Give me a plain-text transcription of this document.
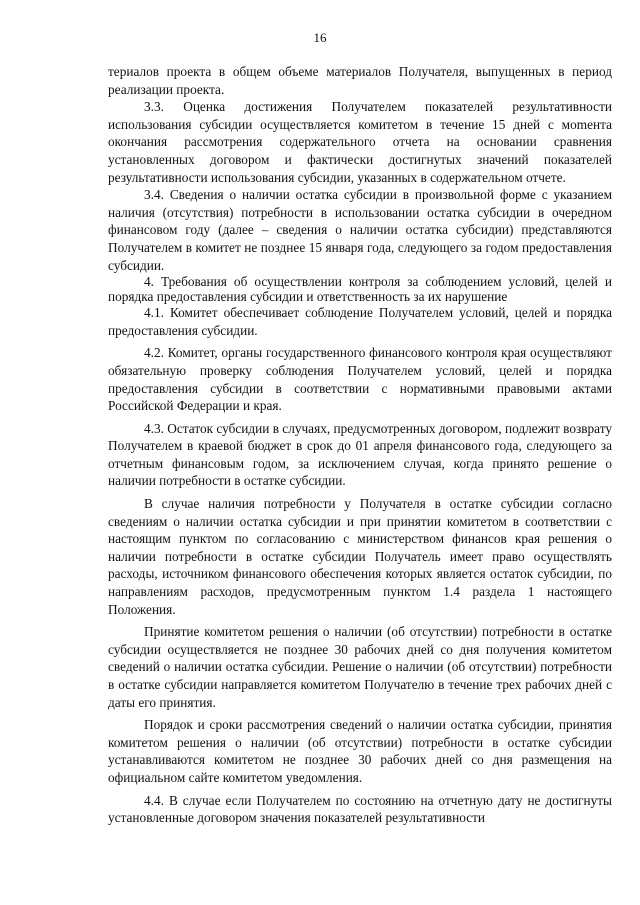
16

териалов проекта в общем объеме материалов Получателя, выпущенных в период реализации проекта.

3.3. Оценка достижения Получателем показателей результативности использования субсидии осуществляется комитетом в течение 15 дней с моmента окончания рассмотрения содержательного отчета на основании сравнения установленных договором и фактически достигнутых значений показателей результативности использования субсидии, указанных в содержательном отчете.

3.4. Сведения о наличии остатка субсидии в произвольной форме с указанием наличия (отсутствия) потребности в использовании остатка субсидии в очередном финансовом году (далее – сведения о наличии остатка субсидии) представляются Получателем в комитет не позднее 15 января года, следующего за годом предоставления субсидии.

4. Требования об осуществлении контроля за соблюдением условий, целей и порядка предоставления субсидии и ответственность за их нарушение

4.1. Комитет обеспечивает соблюдение Получателем условий, целей и порядка предоставления субсидии.

4.2. Комитет, органы государственного финансового контроля края осуществляют обязательную проверку соблюдения Получателем условий, целей и порядка предоставления субсидии в соответствии с нормативными правовыми актами Российской Федерации и края.

4.3. Остаток субсидии в случаях, предусмотренных договором, подлежит возврату Получателем в краевой бюджет в срок до 01 апреля финансового года, следующего за отчетным финансовым годом, за исключением случая, когда принято решение о наличии потребности в остатке субсидии.

В случае наличия потребности у Получателя в остатке субсидии согласно сведениям о наличии остатка субсидии и при принятии комитетом в соответствии с настоящим пунктом по согласованию с министерством финансов края решения о наличии потребности в остатке субсидии Получатель имеет право осуществлять расходы, источником финансового обеспечения которых является остаток субсидии, по направлениям расходов, предусмотренным пунктом 1.4 раздела 1 настоящего Положения.

Принятие комитетом решения о наличии (об отсутствии) потребности в остатке субсидии осуществляется не позднее 30 рабочих дней со дня получения комитетом сведений о наличии остатка субсидии. Решение о наличии (об отсутствии) потребности в остатке субсидии направляется комитетом Получателю в течение трех рабочих дней с даты его принятия.

Порядок и сроки рассмотрения сведений о наличии остатка субсидии, принятия комитетом решения о наличии (об отсутствии) потребности в остатке субсидии устанавливаются комитетом не позднее 30 рабочих дней со дня размещения на официальном сайте комитетом уведомления.

4.4. В случае если Получателем по состоянию на отчетную дату не достигнуты установленные договором значения показателей результативности
